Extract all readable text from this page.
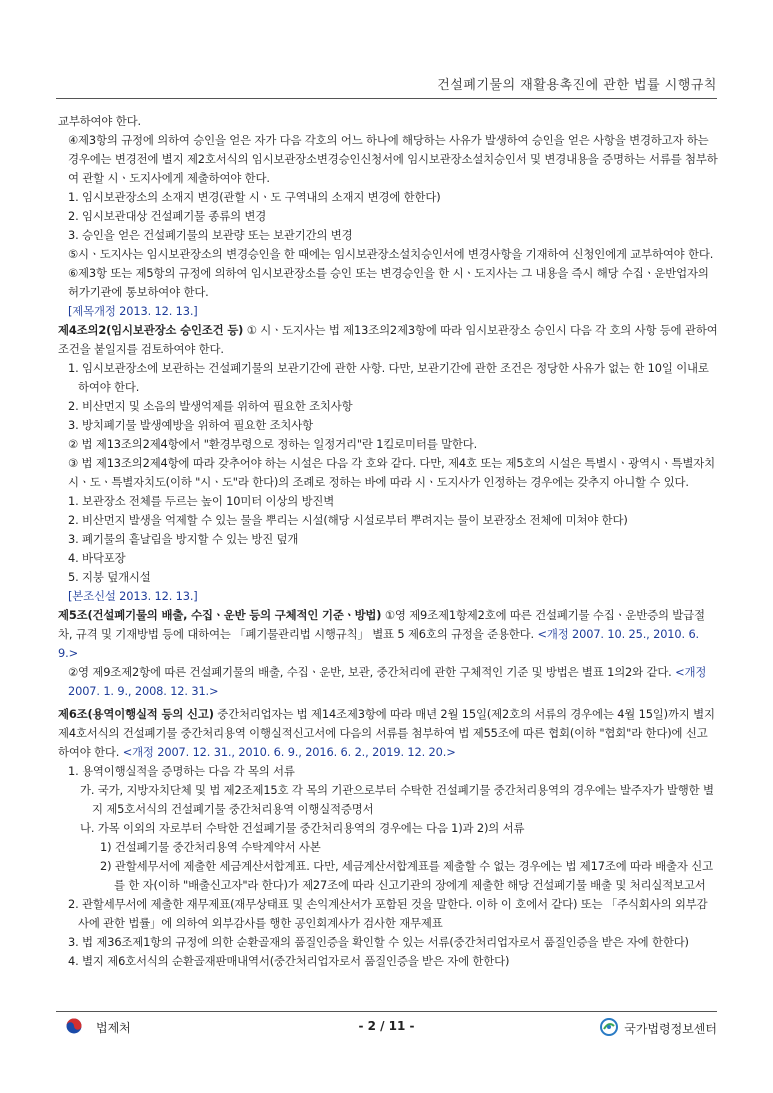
건설폐기물의 재활용촉진에 관한 법률 시행규칙

교부하여야 한다.

④제3항의 규정에 의하여 승인을 얻은 자가 다음 각호의 어느 하나에 해당하는 사유가 발생하여 승인을 얻은 사항을 변경하고자 하는 경우에는 변경전에 별지 제2호서식의 임시보관장소변경승인신청서에 임시보관장소설치승인서 및 변경내용을 증명하는 서류를 첨부하여 관할 시ㆍ도지사에게 제출하여야 한다.

1. 임시보관장소의 소재지 변경(관할 시ㆍ도 구역내의 소재지 변경에 한한다)

2. 임시보관대상 건설폐기물 종류의 변경

3. 승인을 얻은 건설폐기물의 보관량 또는 보관기간의 변경

⑤시ㆍ도지사는 임시보관장소의 변경승인을 한 때에는 임시보관장소설치승인서에 변경사항을 기재하여 신청인에게 교부하여야 한다.

⑥제3항 또는 제5항의 규정에 의하여 임시보관장소를 승인 또는 변경승인을 한 시ㆍ도지사는 그 내용을 즉시 해당 수집ㆍ운반업자의 허가기관에 통보하여야 한다.

[제목개정 2013. 12. 13.]

제4조의2(임시보관장소 승인조건 등) ① 시ㆍ도지사는 법 제13조의2제3항에 따라 임시보관장소 승인시 다음 각 호의 사항 등에 관하여 조건을 붙일지를 검토하여야 한다.

1. 임시보관장소에 보관하는 건설폐기물의 보관기간에 관한 사항. 다만, 보관기간에 관한 조건은 정당한 사유가 없는 한 10일 이내로 하여야 한다.

2. 비산먼지 및 소음의 발생억제를 위하여 필요한 조치사항

3. 방치폐기물 발생예방을 위하여 필요한 조치사항

② 법 제13조의2제4항에서 "환경부령으로 정하는 일정거리"란 1킬로미터를 말한다.

③ 법 제13조의2제4항에 따라 갖추어야 하는 시설은 다음 각 호와 같다. 다만, 제4호 또는 제5호의 시설은 특별시ㆍ광역시ㆍ특별자치시ㆍ도ㆍ특별자치도(이하 "시ㆍ도"라 한다)의 조례로 정하는 바에 따라 시ㆍ도지사가 인정하는 경우에는 갖추지 아니할 수 있다.

1. 보관장소 전체를 두르는 높이 10미터 이상의 방진벽

2. 비산먼지 발생을 억제할 수 있는 물을 뿌리는 시설(해당 시설로부터 뿌려지는 물이 보관장소 전체에 미쳐야 한다)

3. 폐기물의 흩날림을 방지할 수 있는 방진 덮개

4. 바닥포장

5. 지붕 덮개시설

[본조신설 2013. 12. 13.]

제5조(건설폐기물의 배출, 수집ㆍ운반 등의 구체적인 기준ㆍ방법) ①영 제9조제1항제2호에 따른 건설폐기물 수집ㆍ운반증의 발급절차, 규격 및 기재방법 등에 대하여는 「폐기물관리법 시행규칙」 별표 5 제6호의 규정을 준용한다. <개정 2007. 10. 25., 2010. 6. 9.>

②영 제9조제2항에 따른 건설폐기물의 배출, 수집ㆍ운반, 보관, 중간처리에 관한 구체적인 기준 및 방법은 별표 1의2와 같다. <개정 2007. 1. 9., 2008. 12. 31.>

제6조(용역이행실적 등의 신고) 중간처리업자는 법 제14조제3항에 따라 매년 2월 15일(제2호의 서류의 경우에는 4월 15일)까지 별지 제4호서식의 건설폐기물 중간처리용역 이행실적신고서에 다음의 서류를 첨부하여 법 제55조에 따른 협회(이하 "협회"라 한다)에 신고하여야 한다. <개정 2007. 12. 31., 2010. 6. 9., 2016. 6. 2., 2019. 12. 20.>

1. 용역이행실적을 증명하는 다음 각 목의 서류

가. 국가, 지방자치단체 및 법 제2조제15호 각 목의 기관으로부터 수탁한 건설폐기물 중간처리용역의 경우에는 발주자가 발행한 별지 제5호서식의 건설폐기물 중간처리용역 이행실적증명서

나. 가목 이외의 자로부터 수탁한 건설폐기물 중간처리용역의 경우에는 다음 1)과 2)의 서류

1) 건설폐기물 중간처리용역 수탁계약서 사본

2) 관할세무서에 제출한 세금계산서합계표. 다만, 세금계산서합계표를 제출할 수 없는 경우에는 법 제17조에 따라 배출자 신고를 한 자(이하 "배출신고자"라 한다)가 제27조에 따라 신고기관의 장에게 제출한 해당 건설폐기물 배출 및 처리실적보고서

2. 관할세무서에 제출한 재무제표(재무상태표 및 손익계산서가 포함된 것을 말한다. 이하 이 호에서 같다) 또는 「주식회사의 외부감사에 관한 법률」에 의하여 외부감사를 행한 공인회계사가 검사한 재무제표

3. 법 제36조제1항의 규정에 의한 순환골재의 품질인증을 확인할 수 있는 서류(중간처리업자로서 품질인증을 받은 자에 한한다)

4. 별지 제6호서식의 순환골재판매내역서(중간처리업자로서 품질인증을 받은 자에 한한다)

법제처	- 2 / 11 -	국가법령정보센터
